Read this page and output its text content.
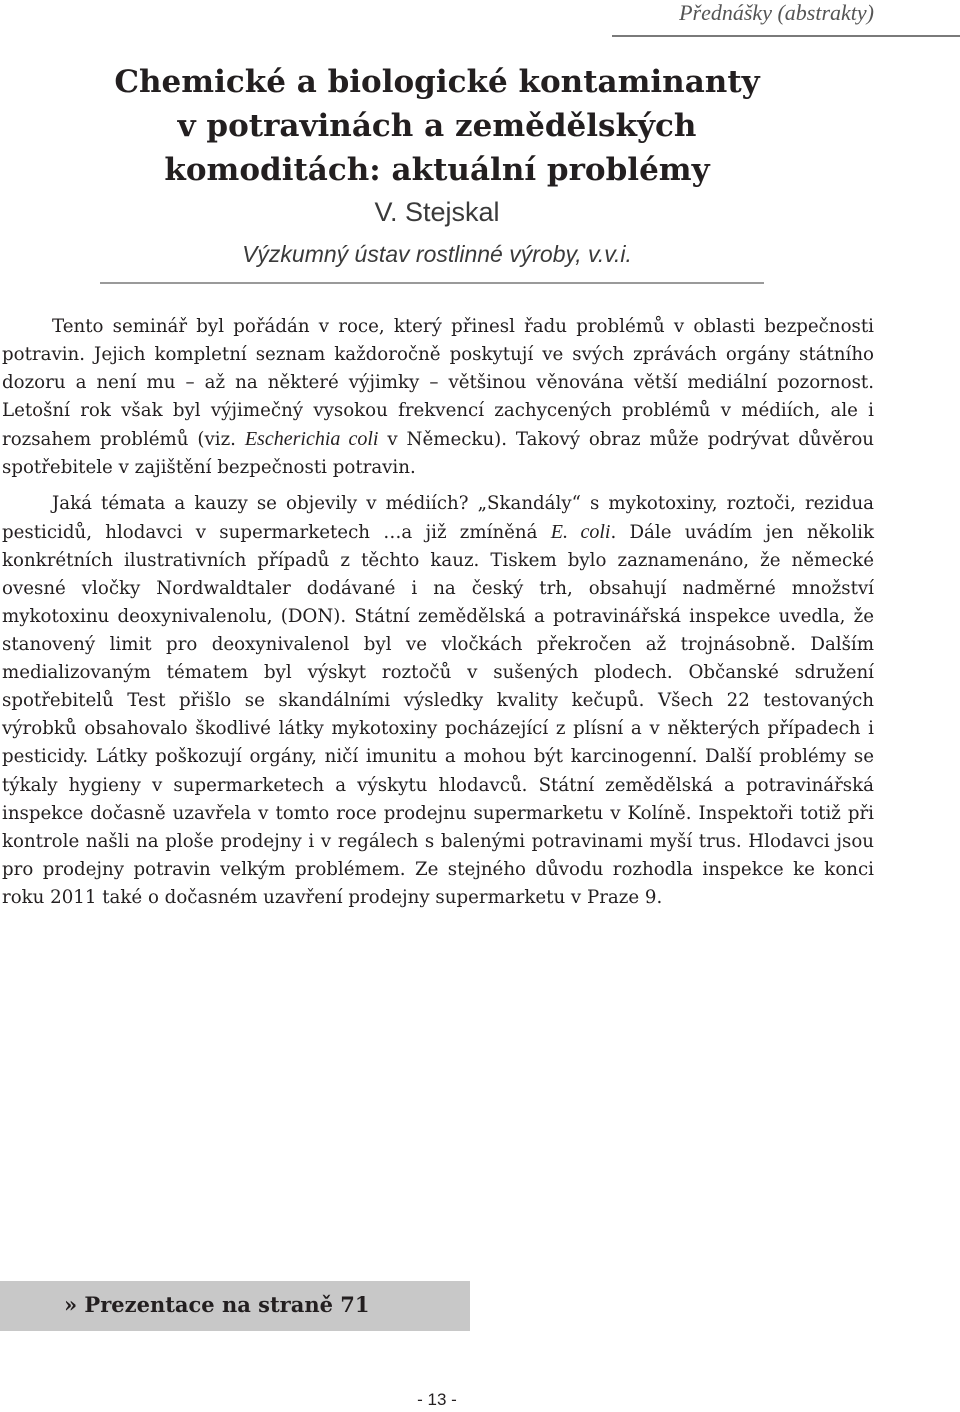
Přednášky (abstrakty)
Chemické a biologické kontaminanty
v potravinách a zemědělských
komoditách: aktuální problémy
V. Stejskal
Výzkumný ústav rostlinné výroby, v.v.i.

Tento seminář byl pořádán v roce, který přinesl řadu problémů v oblasti bezpečnosti potravin. Jejich kompletní seznam každoročně poskytují ve svých zprávách orgány státního dozoru a není mu – až na některé výjimky – většinou věnována větší mediální pozornost. Letošní rok však byl výjimečný vysokou frekvencí zachycených problémů v médiích, ale i rozsahem problémů (viz. Escherichia coli v Německu). Takový obraz může podrývat důvěrou spotřebitele v zajištění bezpečnosti potravin.

Jaká témata a kauzy se objevily v médiích? „Skandály“ s mykotoxiny, roztoči, rezidua pesticidů, hlodavci v supermarketech …a již zmíněná E. coli. Dále uvádím jen několik konkrétních ilustrativních případů z těchto kauz. Tiskem bylo zaznamenáno, že německé ovesné vločky Nordwaldtaler dodávané i na český trh, obsahují nadměrné množství mykotoxinu deoxynivalenolu, (DON). Státní zemědělská a potravinářská inspekce uvedla, že stanovený limit pro deoxynivalenol byl ve vločkách překročen až trojnásobně. Dalším medializovaným tématem byl výskyt roztočů v sušených plodech. Občanské sdružení spotřebitelů Test přišlo se skandálními výsledky kvality kečupů. Všech 22 testovaných výrobků obsahovalo škodlivé látky mykotoxiny pocházející z plísní a v některých případech i pesticidy. Látky poškozují orgány, ničí imunitu a mohou být karcinogenní. Další problémy se týkaly hygieny v supermarketech a výskytu hlodavců. Státní zemědělská a potravinářská inspekce dočasně uzavřela v tomto roce prodejnu supermarketu v Kolíně. Inspektoři totiž při kontrole našli na ploše prodejny i v regálech s balenými potravinami myší trus. Hlodavci jsou pro prodejny potravin velkým problémem. Ze stejného důvodu rozhodla inspekce ke konci roku 2011 také o dočasném uzavření prodejny supermarketu v Praze 9.

» Prezentace na straně 71
- 13 -
